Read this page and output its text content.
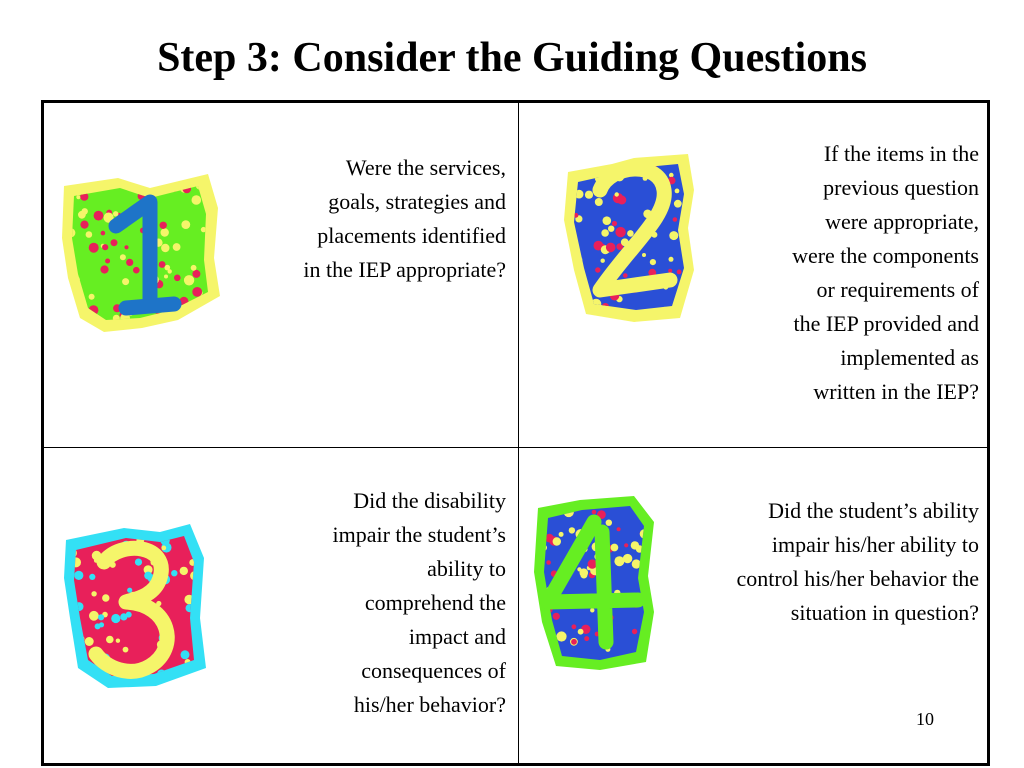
Step 3: Consider the Guiding Questions
Were the services,
goals, strategies and
placements identified
in the IEP appropriate?
If the items in the
previous question
were appropriate,
were the components
or requirements of
the IEP provided and
implemented as
written in the IEP?
Did the disability
impair the student’s
ability to
comprehend the
impact and
consequences of
his/her behavior?
Did the student’s ability
impair his/her ability to
control his/her behavior the
situation in question?
10
